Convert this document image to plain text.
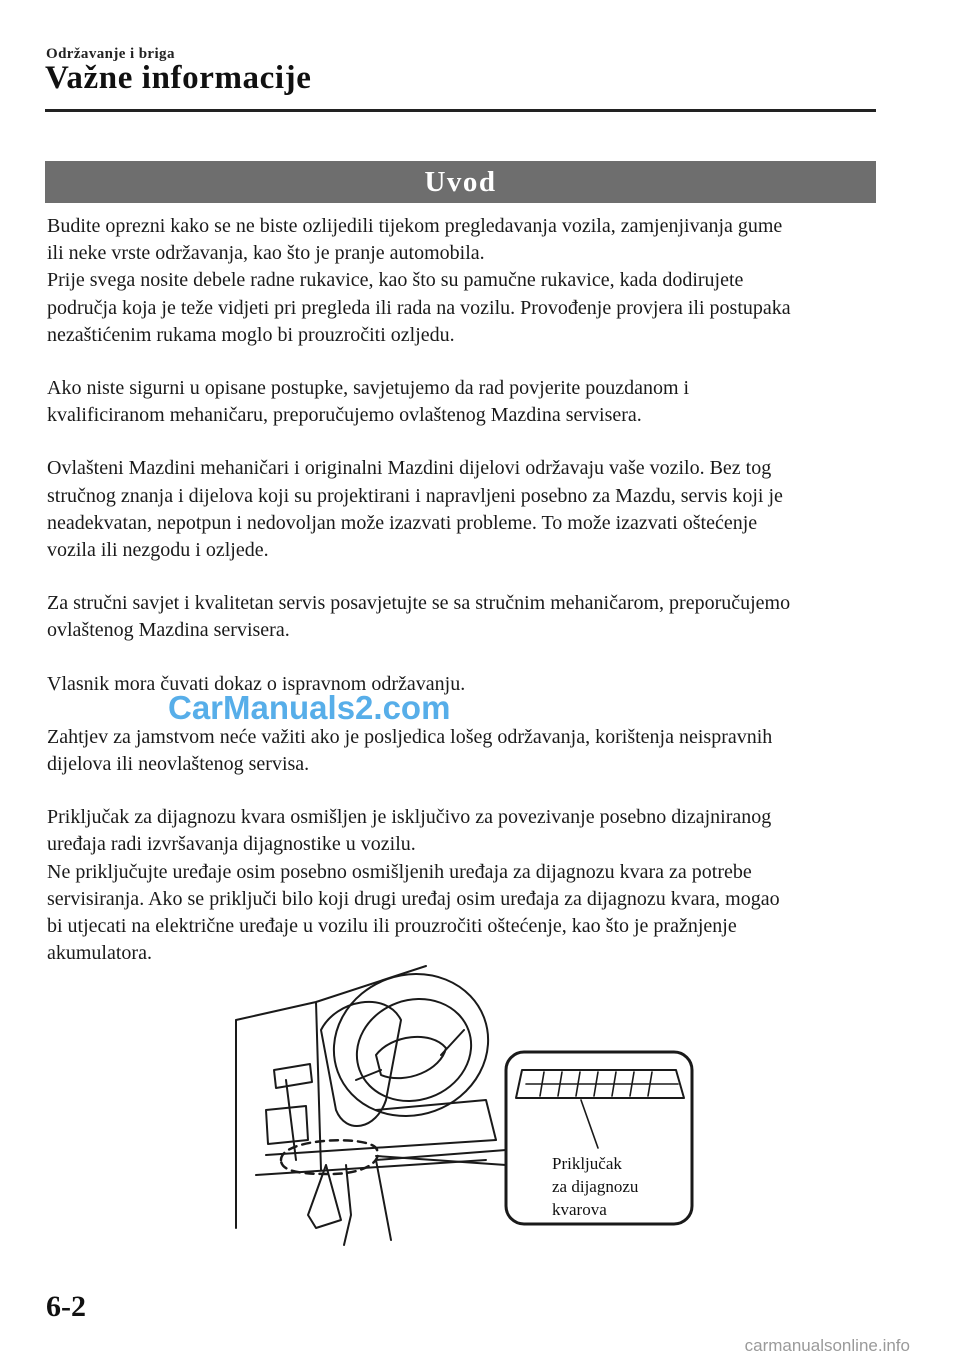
Održavanje i briga
Važne informacije
Uvod

Budite oprezni kako se ne biste ozlijedili tijekom pregledavanja vozila, zamjenjivanja gume
ili neke vrste održavanja, kao što je pranje automobila.
Prije svega nosite debele radne rukavice, kao što su pamučne rukavice, kada dodirujete
područja koja je teže vidjeti pri pregleda ili rada na vozilu. Provođenje provjera ili postupaka
nezaštićenim rukama moglo bi prouzročiti ozljedu.

Ako niste sigurni u opisane postupke, savjetujemo da rad povjerite pouzdanom i
kvalificiranom mehaničaru, preporučujemo ovlaštenog Mazdina servisera.

Ovlašteni Mazdini mehaničari i originalni Mazdini dijelovi održavaju vaše vozilo. Bez tog
stručnog znanja i dijelova koji su projektirani i napravljeni posebno za Mazdu, servis koji je
neadekvatan, nepotpun i nedovoljan može izazvati probleme. To može izazvati oštećenje
vozila ili nezgodu i ozljede.

Za stručni savjet i kvalitetan servis posavjetujte se sa stručnim mehaničarom, preporučujemo
ovlaštenog Mazdina servisera.

Vlasnik mora čuvati dokaz o ispravnom održavanju.

Zahtjev za jamstvom neće važiti ako je posljedica lošeg održavanja, korištenja neispravnih
dijelova ili neovlaštenog servisa.

Priključak za dijagnozu kvara osmišljen je isključivo za povezivanje posebno dizajniranog
uređaja radi izvršavanja dijagnostike u vozilu.
Ne priključujte uređaje osim posebno osmišljenih uređaja za dijagnozu kvara za potrebe
servisiranja. Ako se priključi bilo koji drugi uređaj osim uređaja za dijagnozu kvara, mogao
bi utjecati na električne uređaje u vozilu ili prouzročiti oštećenje, kao što je pražnjenje
akumulatora.

CarManuals2.com
Priključak
za dijagnozu
kvarova
6-2
carmanualsonline.info
